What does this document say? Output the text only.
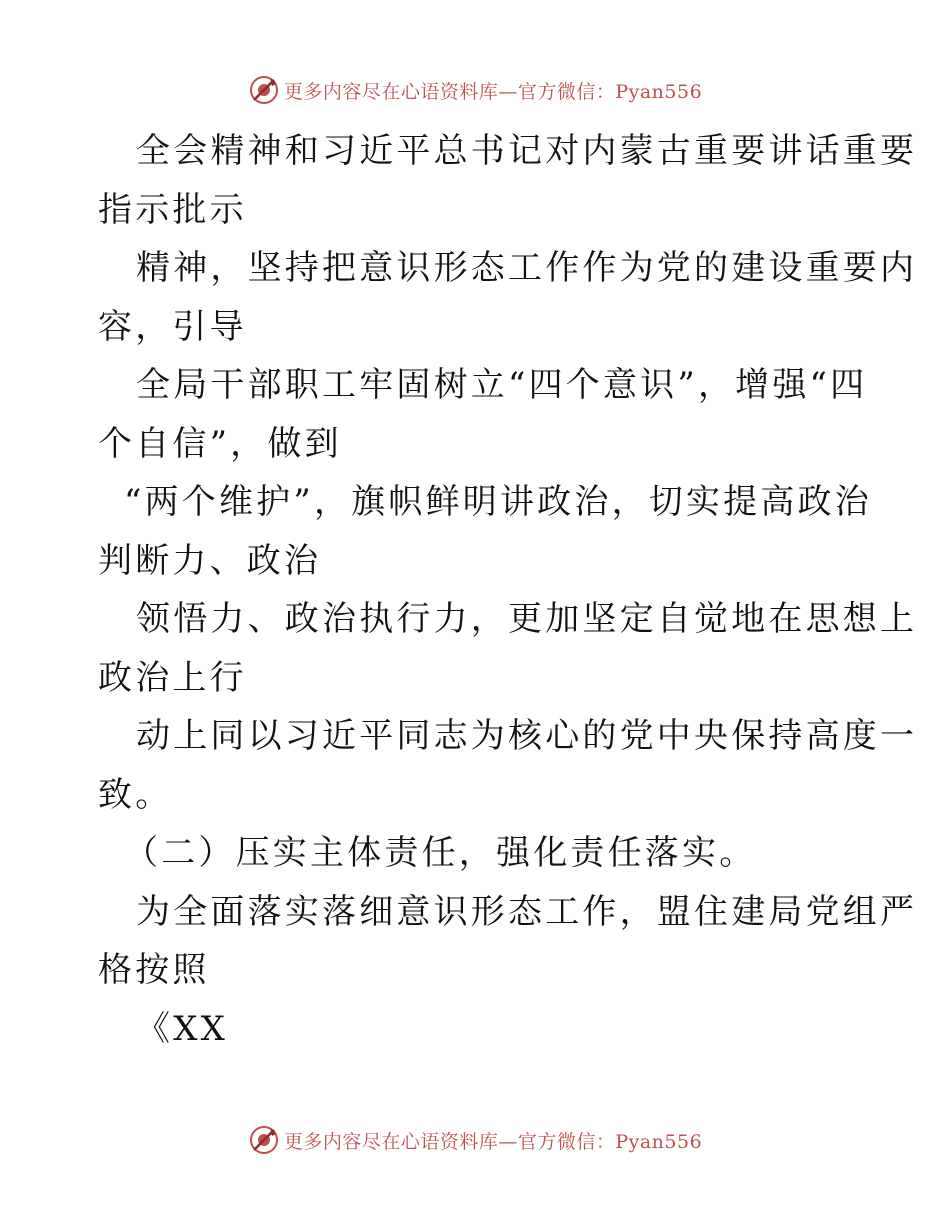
更多内容尽在心语资料库—官方微信：Pyan556
全会精神和习近平总书记对内蒙古重要讲话重要
指示批示
精神，坚持把意识形态工作作为党的建设重要内
容，引导
全局干部职工牢固树立“四个意识”，增强“四
个自信”，做到
“两个维护”，旗帜鲜明讲政治，切实提高政治
判断力、政治
领悟力、政治执行力，更加坚定自觉地在思想上
政治上行
动上同以习近平同志为核心的党中央保持高度一
致。
（二）压实主体责任，强化责任落实。
为全面落实落细意识形态工作，盟住建局党组严
格按照
《XX
更多内容尽在心语资料库—官方微信：Pyan556
